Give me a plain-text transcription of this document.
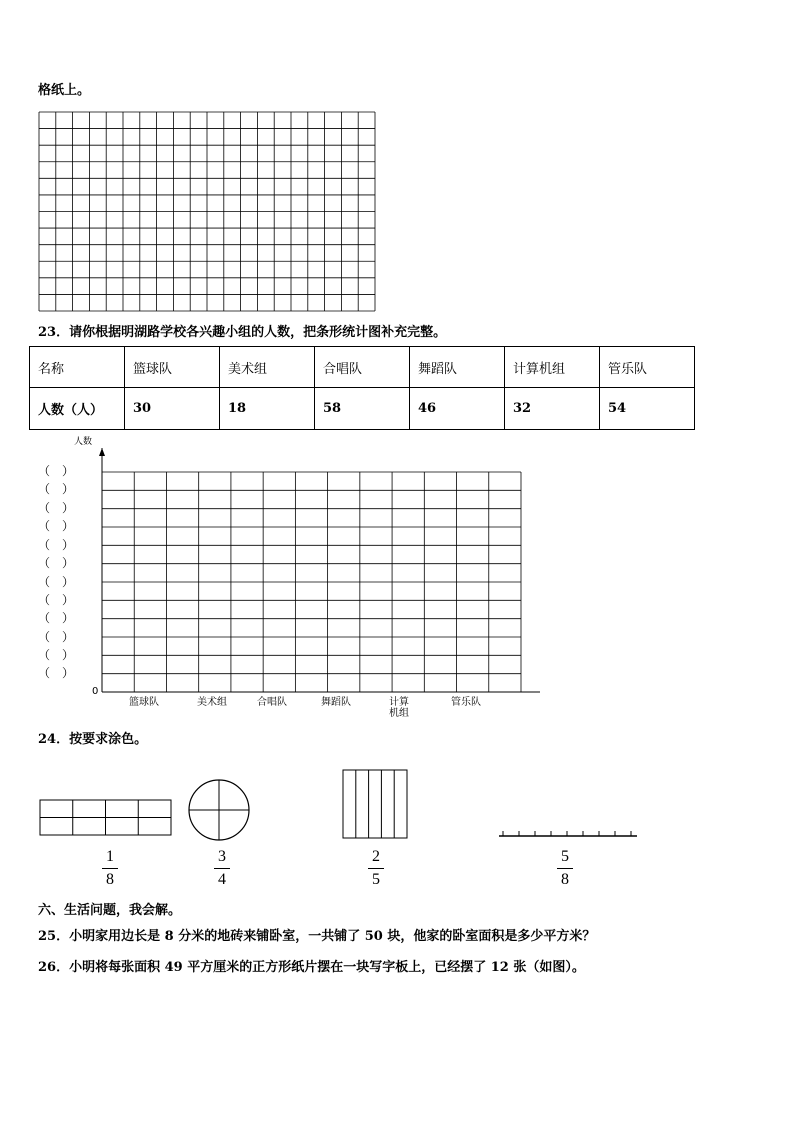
格纸上。
23．请你根据明湖路学校各兴趣小组的人数，把条形统计图补充完整。
名称	篮球队	美术组	合唱队	舞蹈队	计算机组	管乐队
人数（人）	30	18	58	46	32	54
人数
0
（　）
（　）
（　）
（　）
（　）
（　）
（　）
（　）
（　）
（　）
（　）
（　）
篮球队	美术组	合唱队	舞蹈队	计算机组
管乐队
24．按要求涂色。
1
8
3
4
2
5
5
8
六、生活问题，我会解。
25．小明家用边长是 8 分米的地砖来铺卧室，一共铺了 50 块，他家的卧室面积是多少平方米？
26．小明将每张面积 49 平方厘米的正方形纸片摆在一块写字板上，已经摆了 12 张（如图）。
